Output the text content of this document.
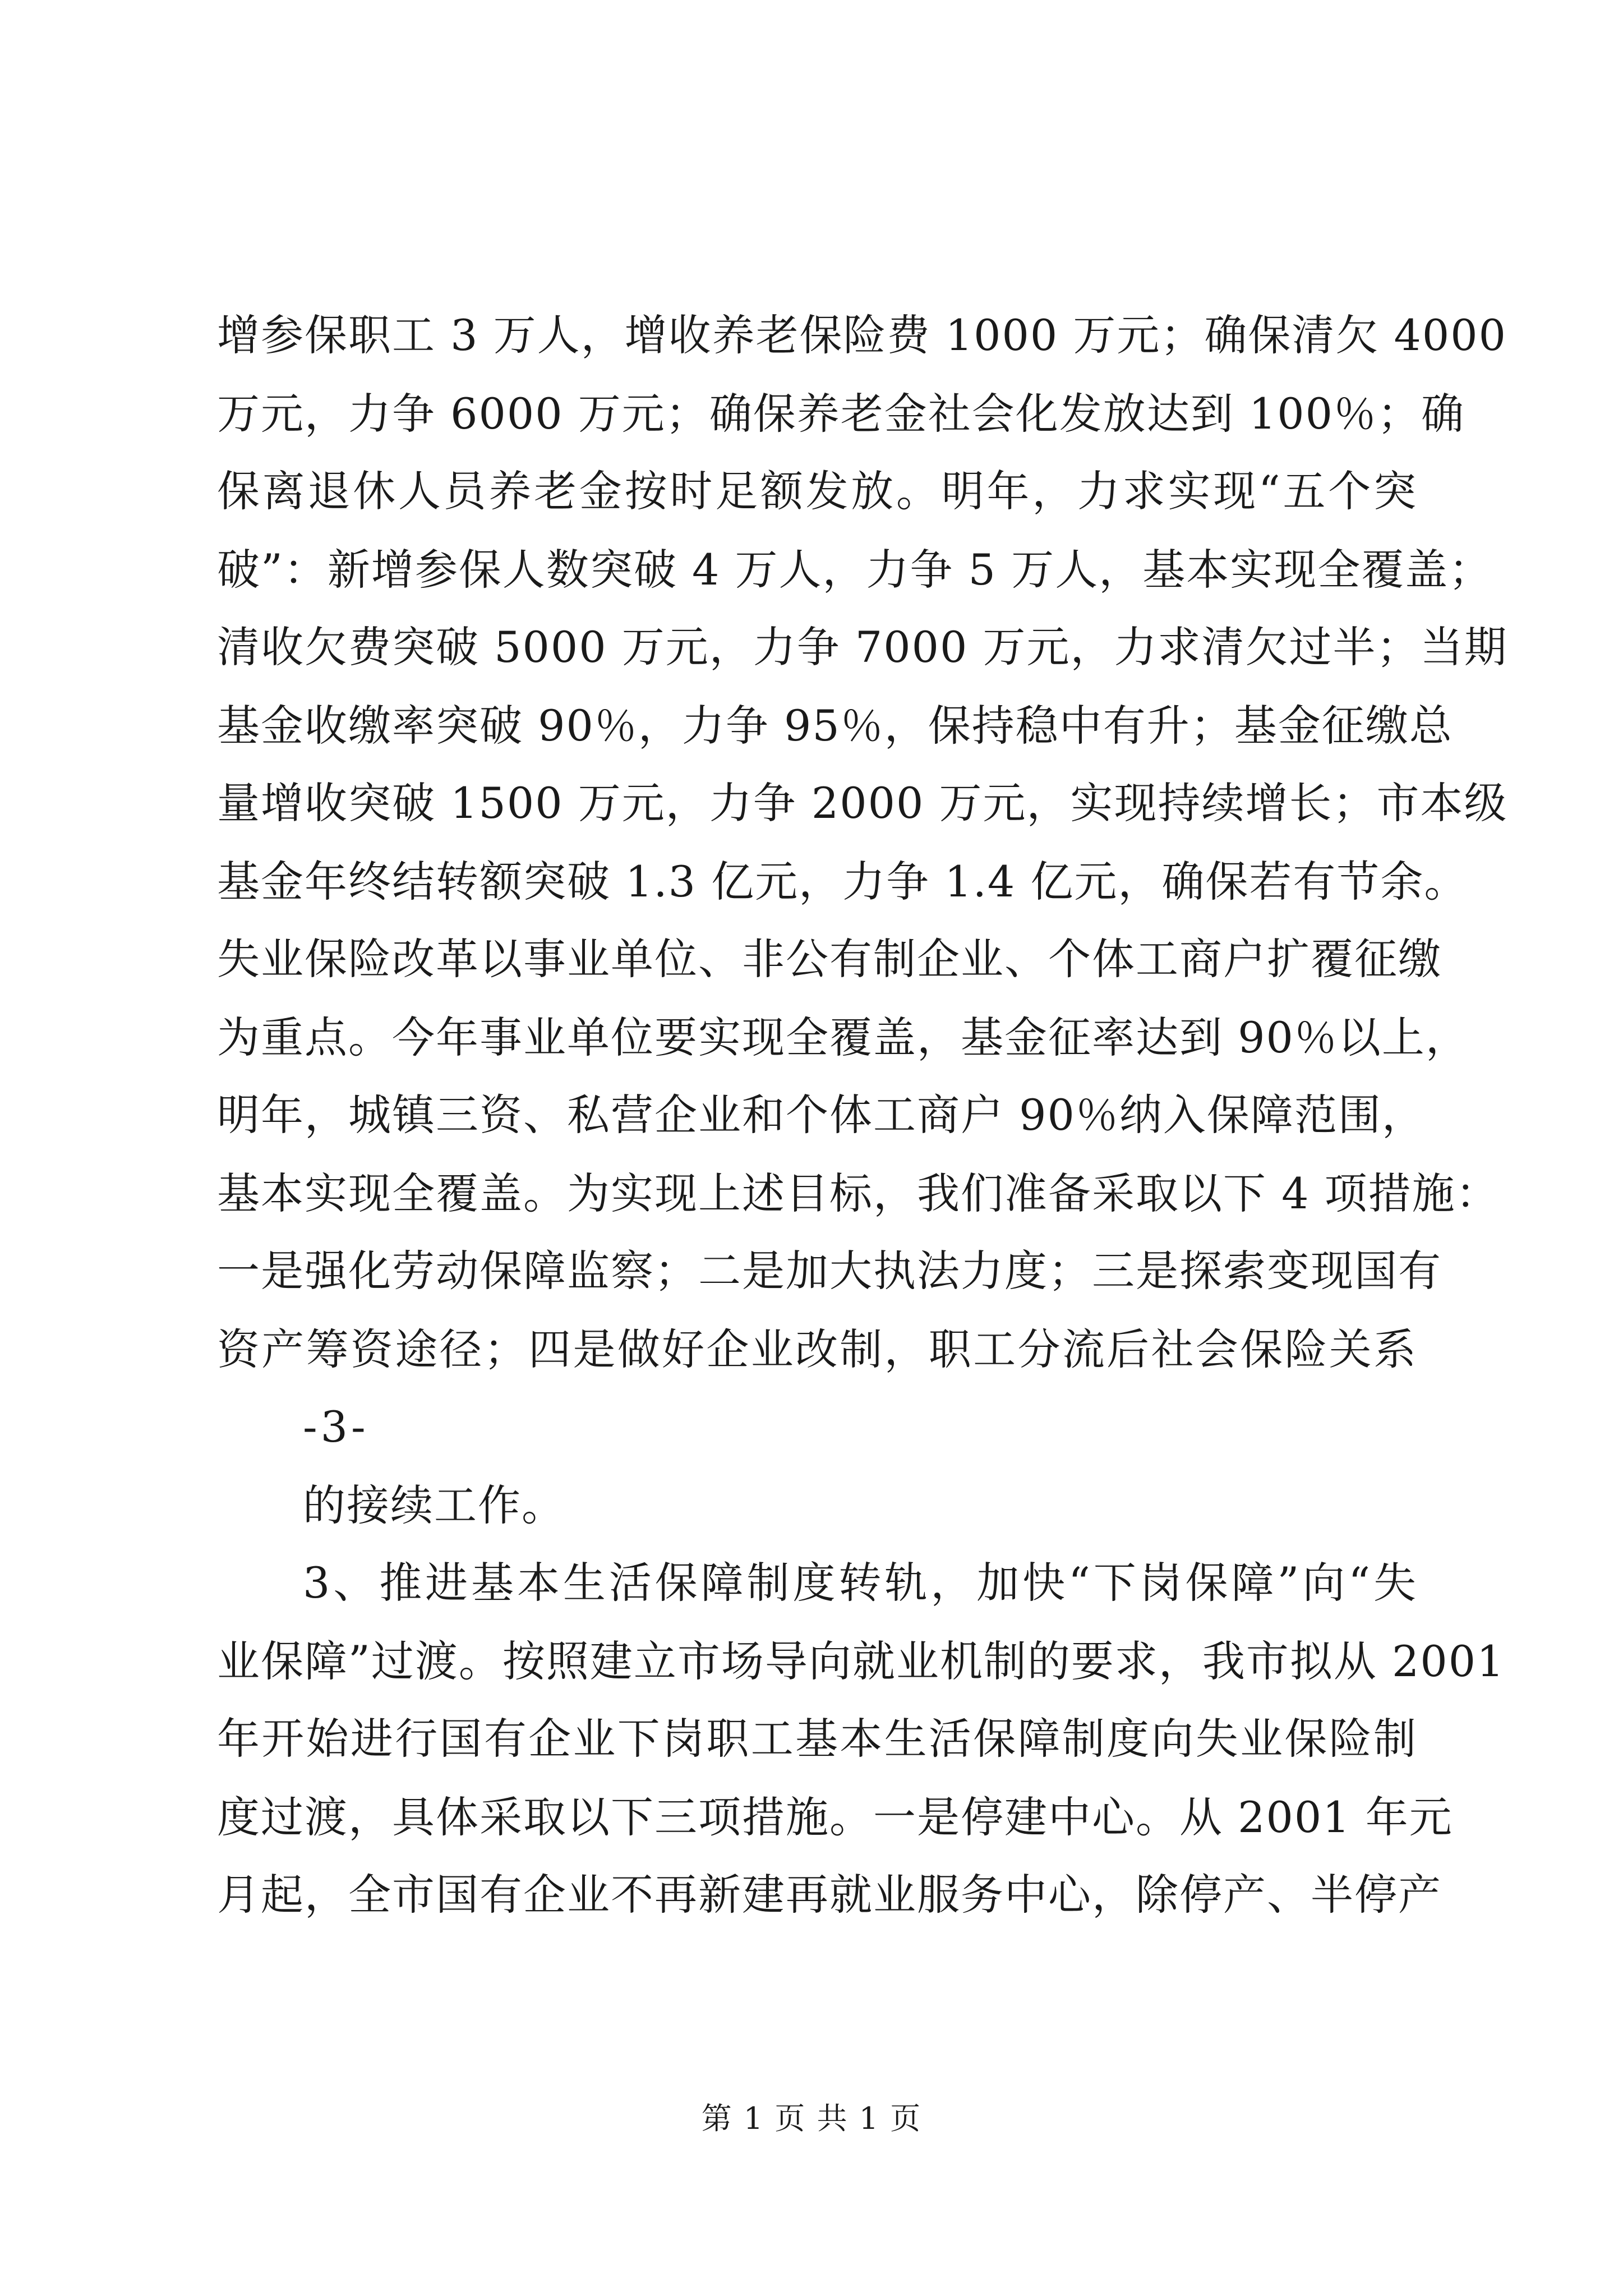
增参保职工 3 万人，增收养老保险费 1000 万元；确保清欠 4000
万元，力争 6000 万元；确保养老金社会化发放达到 100％；确
保离退休人员养老金按时足额发放。明年，力求实现“五个突
破”：新增参保人数突破 4 万人，力争 5 万人，基本实现全覆盖；
清收欠费突破 5000 万元，力争 7000 万元，力求清欠过半；当期
基金收缴率突破 90％，力争 95％，保持稳中有升；基金征缴总
量增收突破 1500 万元，力争 2000 万元，实现持续增长；市本级
基金年终结转额突破 1.3 亿元，力争 1.4 亿元，确保若有节余。
失业保险改革以事业单位、非公有制企业、个体工商户扩覆征缴
为重点。今年事业单位要实现全覆盖，基金征率达到 90％以上，
明年，城镇三资、私营企业和个体工商户 90％纳入保障范围，
基本实现全覆盖。为实现上述目标，我们准备采取以下 4 项措施：
一是强化劳动保障监察；二是加大执法力度；三是探索变现国有
资产筹资途径；四是做好企业改制，职工分流后社会保险关系
-3-
的接续工作。
3、推进基本生活保障制度转轨，加快“下岗保障”向“失
业保障”过渡。按照建立市场导向就业机制的要求，我市拟从 2001
年开始进行国有企业下岗职工基本生活保障制度向失业保险制
度过渡，具体采取以下三项措施。一是停建中心。从 2001 年元
月起，全市国有企业不再新建再就业服务中心，除停产、半停产
第 1 页 共 1 页
